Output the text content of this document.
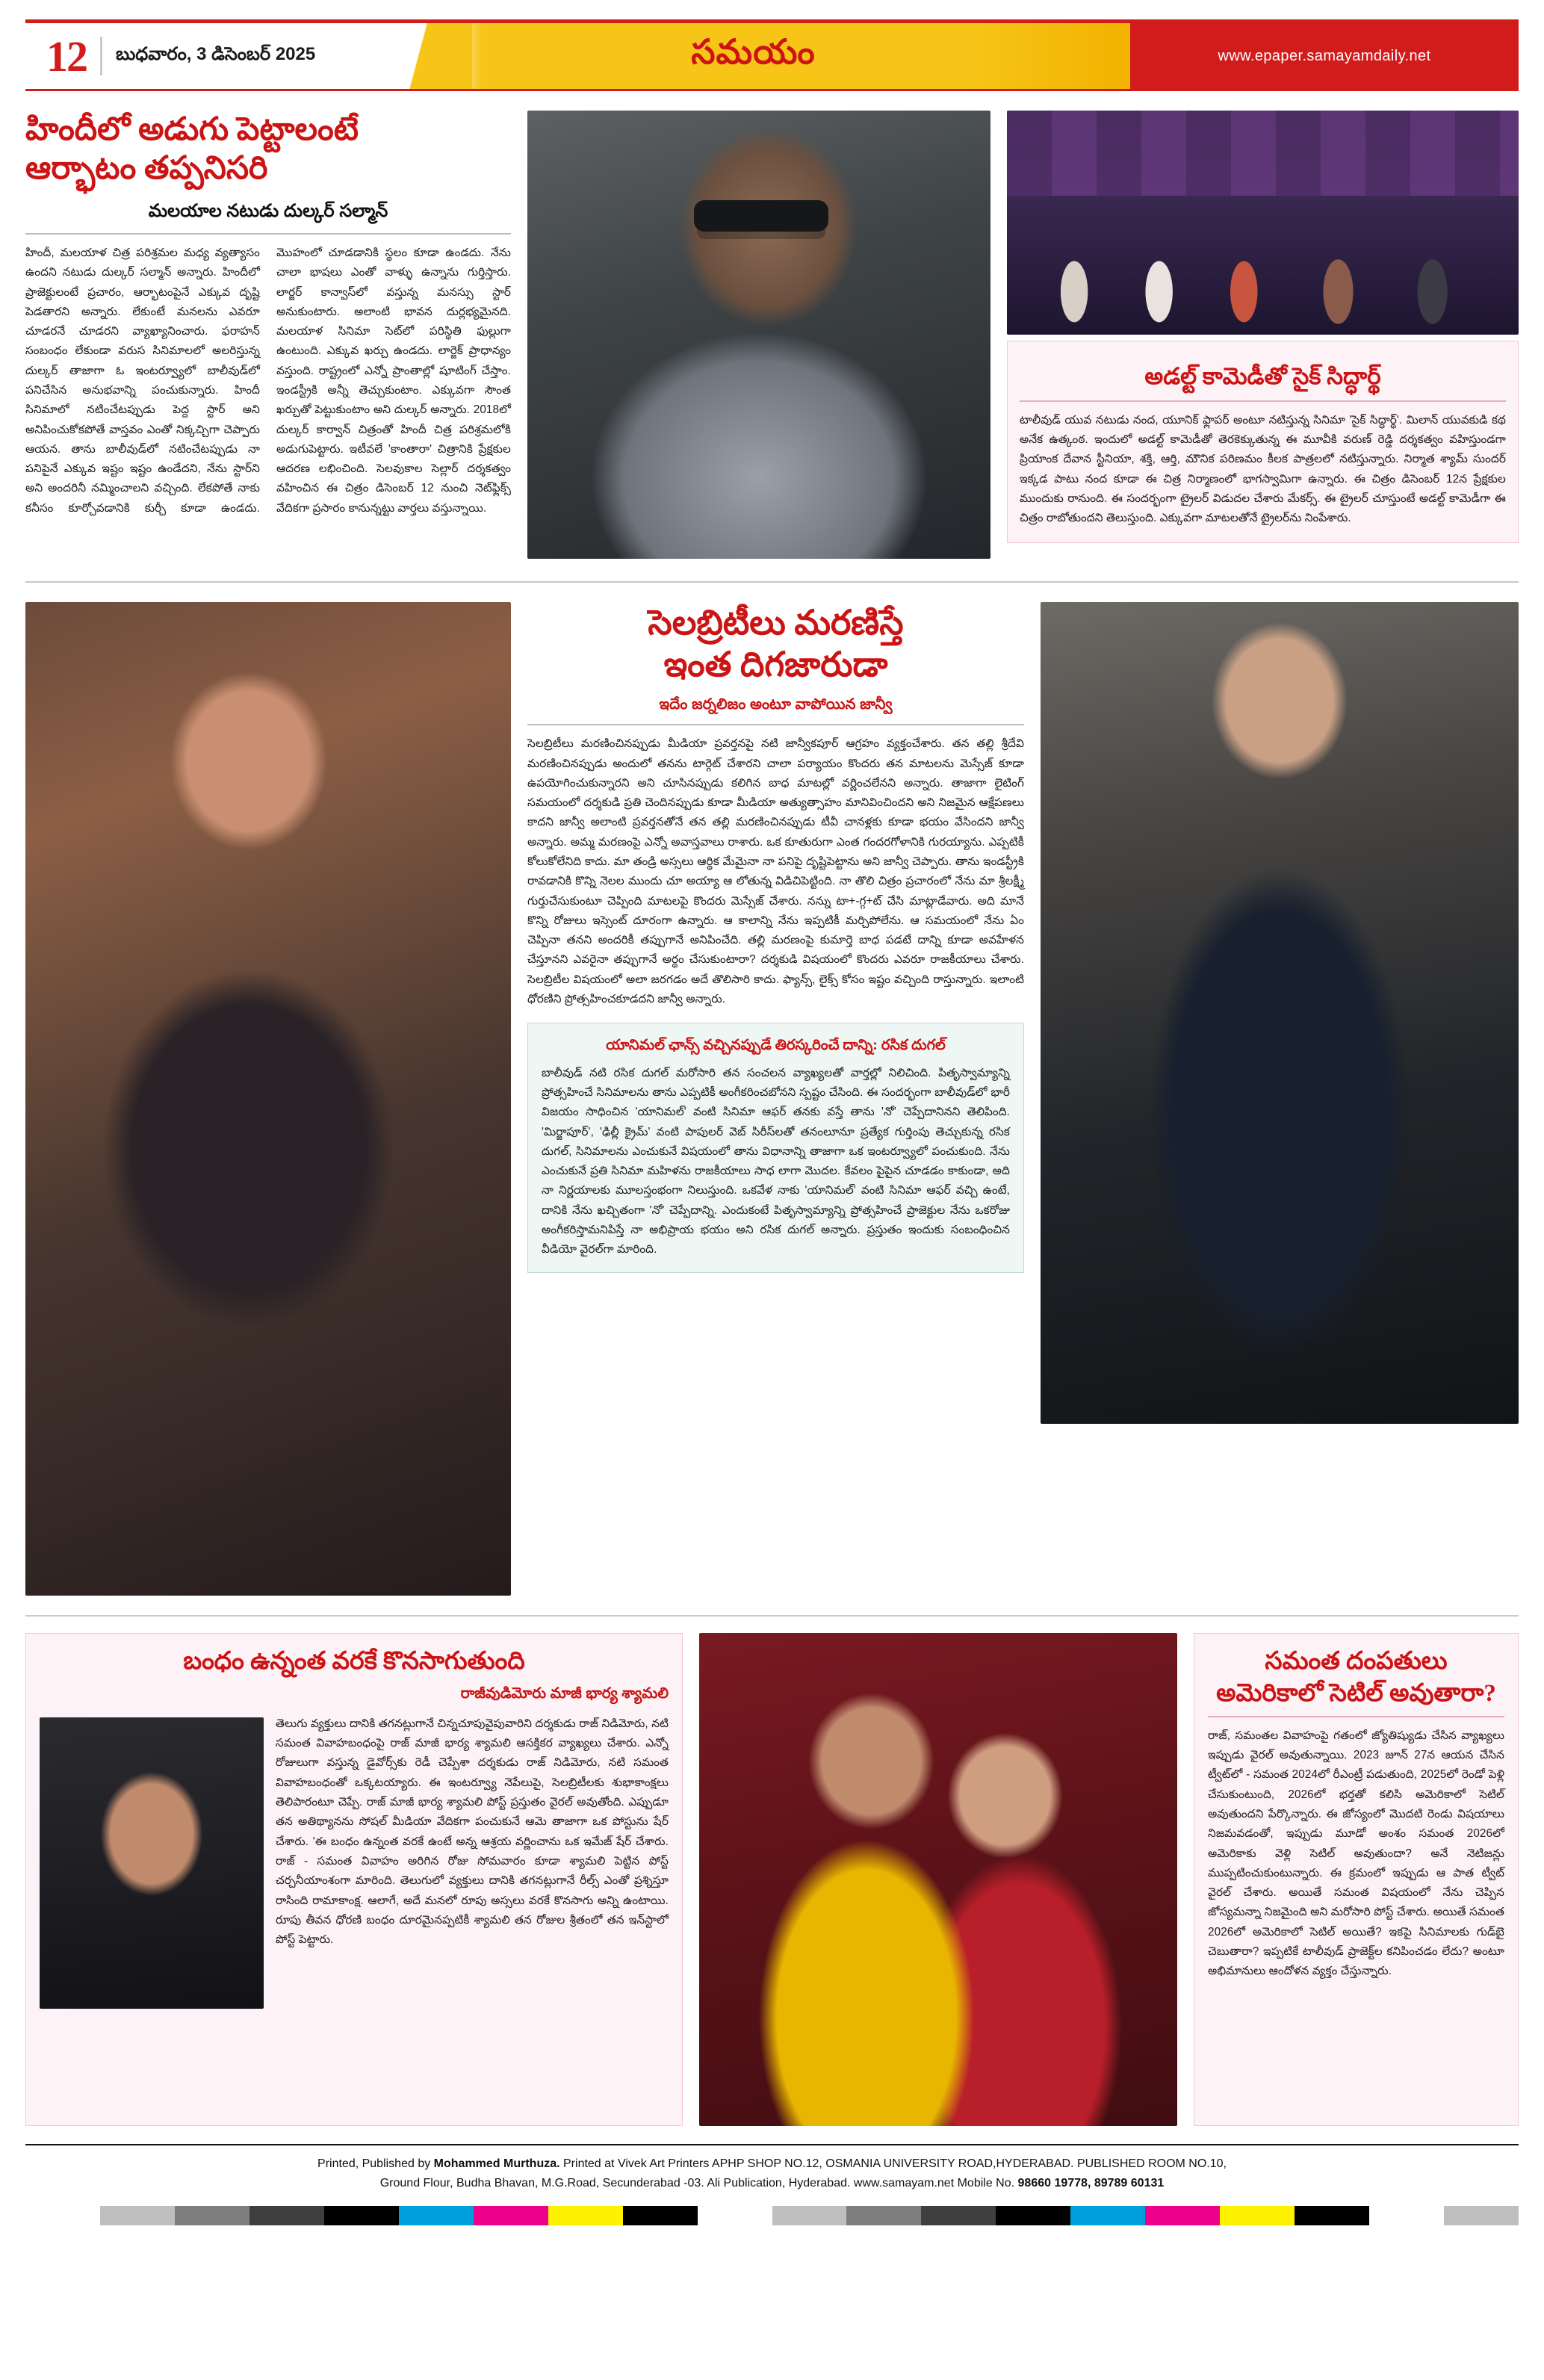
12 బుధవారం, 3 డిసెంబర్ 2025	సమయం	www.epaper.samayamdaily.net
హిందీలో అడుగు పెట్టాలంటే
ఆర్భాటం తప్పనిసరి
మలయాల నటుడు దుల్కర్ సల్మాన్
హిందీ, మలయాళ చిత్ర పరిశ్రమల మధ్య వ్యత్యాసం ఉందని నటుడు దుల్కర్ సల్మాన్ అన్నారు. హిందీలో ప్రాజెక్టులంటే ప్రచారం, ఆర్భాటంపైనే ఎక్కువ దృష్టి పెడతారని అన్నారు. లేకుంటే మనలను ఎవరూ చూడరనే చూడరని వ్యాఖ్యానించారు. ఫరాహన్ సంబంధం లేకుండా వరుస సినిమాలలో అలరిస్తున్న దుల్కర్ తాజాగా ఓ ఇంటర్వ్యూలో బాలీవుడ్‌లో పనిచేసిన అనుభవాన్ని పంచుకున్నారు. హిందీ సినిమాలో నటించేటప్పుడు పెద్ద స్టార్ అని అనిపించుకోకపోతే వాస్తవం ఎంతో నిక్కచ్చిగా చెప్పారు ఆయన. తాను బాలీవుడ్‌లో నటించేటప్పుడు నా పనిపైనే ఎక్కువ ఇష్టం ఇష్టం ఉండేదని, నేను స్టార్‌ని అని అందరినీ నమ్మించాలని వచ్చింది. లేకపోతే నాకు కనీసం కూర్చోవడానికి కుర్చీ కూడా ఉండదు. మొహంలో చూడడానికి స్థలం కూడా ఉండదు. నేను చాలా భాషలు ఎంతో వాళ్ళు ఉన్నాను గుర్తిస్తారు. లార్జర్ కాన్వాస్‌లో వస్తున్న మనస్సు స్టార్ అనుకుంటారు. అలాంటి భావన దుర్లభ్యమైనది. మలయాళ సినిమా సెట్‌లో పరిస్థితి ఫుల్లుగా ఉంటుంది. ఎక్కువ ఖర్చు ఉండదు. లార్జెక్ ప్రాధాన్యం వస్తుంది. రాష్ట్రంలో ఎన్నో ప్రాంతాల్లో షూటింగ్ చేస్తాం. ఇండస్ట్రీకి అన్నీ తెచ్చుకుంటాం. ఎక్కువగా సౌంత ఖర్చుతో పెట్టుకుంటాం అని దుల్కర్ అన్నారు. 2018లో దుల్కర్ కార్వాన్ చిత్రంతో హిందీ చిత్ర పరిశ్రమలోకి అడుగుపెట్టారు. ఇటీవలే 'కాంతారా' చిత్రానికి ప్రేక్షకుల ఆదరణ లభించింది. సెలవుకాల సెల్లార్ దర్శకత్వం వహించిన ఈ చిత్రం డిసెంబర్ 12 నుంచి నెట్‌ఫ్లిక్స్ వేదికగా ప్రసారం కానున్నట్టు వార్తలు వస్తున్నాయి.
అడల్ట్ కామెడీతో సైక్ సిద్ధార్థ్
టాలీవుడ్ యువ నటుడు నంద, యూనిక్ ఫ్లాపర్ అంటూ నటిస్తున్న సినిమా 'సైక్ సిద్ధార్థ్'. మిలాన్ యువకుడి కథ అనేక ఉత్కంఠ. ఇందులో అడల్ట్ కామెడీతో తెరకెక్కుతున్న ఈ మూవీకి వరుణ్ రెడ్డి దర్శకత్వం వహిస్తుండగా ప్రియాంక దేవాన స్టీనియా, శక్తి, ఆర్తి, మౌనిక పరిణమం కీలక పాత్రలలో నటిస్తున్నారు. నిర్మాత శ్యామ్ సుందర్ ఇక్కడ పాటు నంద కూడా ఈ చిత్ర నిర్మాణంలో భాగస్వామిగా ఉన్నారు. ఈ చిత్రం డిసెంబర్ 12న ప్రేక్షకుల ముందుకు రానుంది. ఈ సందర్భంగా ట్రైలర్ విడుదల చేశారు మేకర్స్. ఈ ట్రైలర్ చూస్తుంటే అడల్ట్ కామెడీగా ఈ చిత్రం రాబోతుందని తెలుస్తుంది. ఎక్కువగా మాటలతోనే ట్రైలర్‌ను నింపేశారు.
సెలబ్రిటీలు మరణిస్తే
ఇంత దిగజారుడా
ఇదేం జర్నలిజం అంటూ వాపోయిన జాన్వీ
సెలబ్రిటీలు మరణించినప్పుడు మీడియా ప్రవర్తనపై నటి జాన్వీకపూర్ ఆగ్రహం వ్యక్తంచేశారు. తన తల్లి శ్రీదేవి మరణించినప్పుడు అందులో తనను టార్గెట్ చేశారని చాలా పర్యాయం కొందరు తన మాటలను మెస్సేజ్ కూడా ఉపయోగించుకున్నారని అని చూసినప్పుడు కలిగిన బాధ మాటల్లో వర్ణించలేనని అన్నారు. తాజాగా లైటింగ్ సమయంలో దర్శకుడి ప్రతి చెందినప్పుడు కూడా మీడియా అత్యుత్సాహం మానివించిందని అని నిజమైన ఆక్షేపణలు కాదని జాన్వీ అలాంటి ప్రవర్తనతోనే తన తల్లి మరణించినప్పుడు టీవీ చానళ్లకు కూడా భయం వేసిందని జాన్వీ అన్నారు. అమ్మ మరణంపై ఎన్నో అవాస్తవాలు రాశారు. ఒక కూతురుగా ఎంత గందరగోళానికి గురయ్యాను. ఎప్పటికీ కోలుకోలేనిది కాదు. మా తండ్రి అస్సలు ఆర్థిక మేమైనా నా పనిపై దృష్టిపెట్టాను అని జాన్వీ చెప్పారు. తాను ఇండస్ట్రీకి రావడానికి కొన్ని నెలల ముందు చూ అయ్యా ఆ లోతున్న విడిచిపెట్టింది. నా తొలి చిత్రం ప్రచారంలో నేను మా శ్రీలక్ష్మీ గుర్తుచేసుకుంటూ చెప్పింది మాటలపై కొందరు మెస్సేజ్ చేశారు. నన్ను టా+-గ్గ+ట్ చేసి మాట్లాడేవారు. అది మానే కొన్ని రోజులు ఇస్సెంట్ దూరంగా ఉన్నారు. ఆ కాలాన్ని నేను ఇప్పటికీ మర్చిపోలేను. ఆ సమయంలో నేను ఏం చెప్పినా తనని అందరికీ తప్పుగానే అనిపించేది. తల్లి మరణంపై కుమార్తె బాధ పడటే దాన్ని కూడా అవహేళన చేస్తూనని ఎవరైనా తప్పుగానే అర్థం చేసుకుంటారా? దర్శకుడి విషయంలో కొందరు ఎవరూ రాజకీయాలు చేశారు. సెలబ్రిటీల విషయంలో అలా జరగడం అదే తొలిసారి కాదు. ఫ్యాన్స్, లైక్స్ కోసం ఇష్టం వచ్చింది రాస్తున్నారు. ఇలాంటి ధోరణిని ప్రోత్సహించకూడదని జాన్వీ అన్నారు.
యానిమల్ ఛాన్స్ వచ్చినప్పుడే తిరస్కరించే దాన్ని: రసిక దుగల్
బాలీవుడ్ నటి రసిక దుగల్ మరోసారి తన సంచలన వ్యాఖ్యలతో వార్తల్లో నిలిచింది. పితృస్వామ్యాన్ని ప్రోత్సహించే సినిమాలను తాను ఎప్పటికీ అంగీకరించబోనని స్పష్టం చేసింది. ఈ సందర్భంగా బాలీవుడ్‌లో భారీ విజయం సాధించిన 'యానిమల్' వంటి సినిమా ఆఫర్ తనకు వస్తే తాను 'నో' చెప్పేదానినని తెలిపింది. 'మిర్జాపూర్', 'ఢిల్లీ క్రైమ్' వంటి పాపులర్ వెబ్ సిరీస్‌లతో తనంలూనూ ప్రత్యేక గుర్తింపు తెచ్చుకున్న రసిక దుగల్, సినిమాలను ఎంచుకునే విషయంలో తాను విధానాన్ని తాజాగా ఒక ఇంటర్వ్యూలో పంచుకుంది. నేను ఎంచుకునే ప్రతి సినిమా మహిళను రాజకీయాలు సాధ లాగా మొదల. కేవలం పైపైన చూడడం కాకుండా, అది నా నిర్ణయాలకు మూలస్తంభంగా నిలుస్తుంది. ఒకవేళ నాకు 'యానిమల్' వంటి సినిమా ఆఫర్ వచ్చి ఉంటే, దానికి నేను ఖచ్చితంగా 'నో' చెప్పేదాన్ని. ఎందుకంటే పితృస్వామ్యాన్ని ప్రోత్సహించే ప్రాజెక్టుల నేను ఒకరోజు అంగీకరిస్తామనిపిస్తే నా అభిప్రాయ భయం అని రసిక దుగల్ అన్నారు. ప్రస్తుతం ఇందుకు సంబంధించిన వీడియో వైరల్‌గా మారింది.
బంధం ఉన్నంత వరకే కొనసాగుతుంది
రాజీవుడిమోరు మాజీ భార్య శ్యామలి
తెలుగు వ్యక్తులు దానికి తగనట్లుగానే చిన్నచూపువైపువారిని దర్శకుడు రాజ్ నిడిమోరు, నటి సమంత వివాహబంధంపై రాజ్ మాజీ భార్య శ్యామలి ఆసక్తికర వ్యాఖ్యలు చేశారు. ఎన్నో రోజులుగా వస్తున్న డైవోర్స్‌కు రెడీ చెప్పేశా దర్శకుడు రాజ్ నిడిమోరు, నటి సమంత వివాహబంధంతో ఒక్కటయ్యారు. ఈ ఇంటర్వ్యూ నెపేలుపై, సెలబ్రిటీలకు శుభాకాంక్షలు తెలిపారంటూ చెప్పే. రాజ్ మాజీ భార్య శ్యామలి పోస్ట్ ప్రస్తుతం వైరల్ అవుతోంది. ఎప్పుడూ తన అతిథ్యానను సోషల్ మీడియా వేదికగా పంచుకునే ఆమె తాజాగా ఒక పోస్టును షేర్ చేశారు. 'ఈ బంధం ఉన్నంత వరకే ఉంటే అన్న ఆశ్రయ వర్ణించాను ఒక ఇమేజ్ షేర్ చేశారు. రాజ్ - సమంత వివాహం అరిగిన రోజు సోమవారం కూడా శ్యామలి పెట్టిన పోస్ట్ చర్చనీయాంశంగా మారింది. తెలుగులో వ్యక్తులు దానికి తగనట్లుగానే రీల్స్ ఎంతో ప్రశ్నిస్తూ రాసింది రామాకాంక్ష. ఆలాగే, అదే మనలో రూపు అస్సలు వరకే కొనసాగు అన్ని ఉంటాయి. రూపు తీవన ధోరణి బంధం దూరమైనప్పటికీ శ్యామలి తన రోజుల శ్రీతంలో తన ఇన్‌స్టాలో పోస్ట్ పెట్టారు.
సమంత దంపతులు
అమెరికాలో సెటిల్ అవుతారా?
రాజ్, సమంతల వివాహంపై గతంలో జ్యోతిష్యుడు చేసిన వ్యాఖ్యలు ఇప్పుడు వైరల్ అవుతున్నాయి. 2023 జూన్ 27న ఆయన చేసిన ట్వీట్‌లో - సమంత 2024లో రీఎంట్రీ పడుతుంది, 2025లో రెండో పెళ్లి చేసుకుంటుంది, 2026లో భర్తతో కలిసి అమెరికాలో సెటిల్ అవుతుందని పేర్కొన్నారు. ఈ జోస్యంలో మొదటి రెండు విషయాలు నిజమవడంతో, ఇప్పుడు మూడో అంశం సమంత 2026లో అమెరికాకు వెళ్లి సెటిల్ అవుతుందా? అనే నెటిజన్లు ముప్పటించుకుంటున్నారు. ఈ క్రమంలో ఇప్పుడు ఆ పాత ట్వీట్ వైరల్ చేశారు. అయితే సమంత విషయంలో నేను చెప్పిన జోస్యమన్నా నిజమైంది అని మరోసారి పోస్ట్ చేశారు. అయితే సమంత 2026లో అమెరికాలో సెటిల్ అయితే? ఇకపై సినిమాలకు గుడ్‌బై చెబుతారా? ఇప్పటికే టాలీవుడ్ ప్రాజెక్ట్‌ల కనిపించడం లేదు? అంటూ అభిమానులు ఆందోళన వ్యక్తం చేస్తున్నారు.
Printed, Published by Mohammed Murthuza. Printed at Vivek Art Printers APHP SHOP NO.12, OSMANIA UNIVERSITY ROAD,HYDERABAD. PUBLISHED ROOM NO.10,
Ground Flour, Budha Bhavan, M.G.Road, Secunderabad -03. Ali Publication, Hyderabad. www.samayam.net Mobile No. 98660 19778, 89789 60131
